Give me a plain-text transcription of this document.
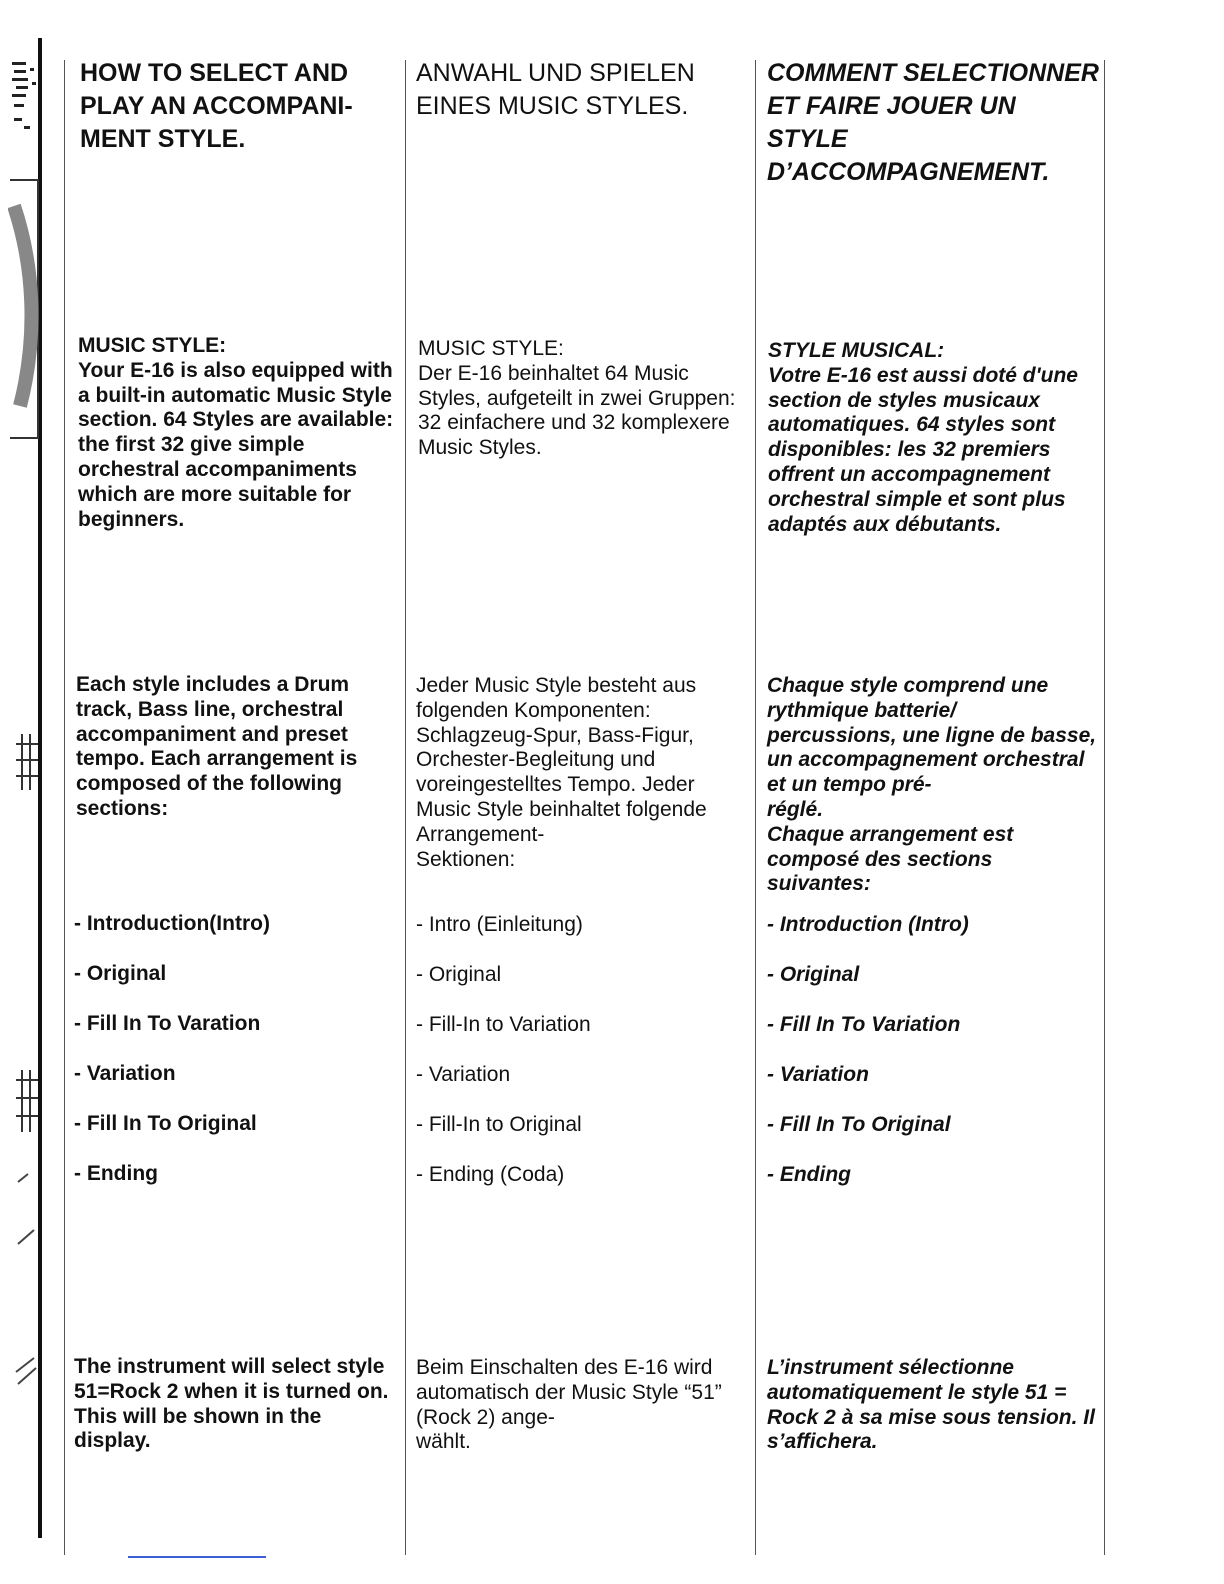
HOW TO SELECT AND PLAY AN ACCOMPANI-
MENT STYLE.
ANWAHL UND SPIELEN EINES MUSIC STYLES.
COMMENT SELECTIONNER ET FAIRE JOUER UN STYLE D’ACCOMPAGNEMENT.
MUSIC STYLE:
Your E-16 is also equipped with a built-in automatic Music Style section. 64 Styles are available: the first 32 give simple orchestral accompaniments which are more suitable for beginners.
MUSIC STYLE:
Der E-16 beinhaltet 64 Music Styles, aufgeteilt in zwei Gruppen: 32 einfachere und 32 komplexere Music Styles.
STYLE MUSICAL:
Votre E-16 est aussi doté d'une section de styles musicaux automatiques. 64 styles sont disponibles: les 32 premiers offrent un accompagnement orchestral simple et sont plus adaptés aux débutants.
Each style includes a Drum track, Bass line, orchestral accompaniment and preset tempo. Each arrangement is composed of the following sections:
Jeder Music Style besteht aus folgenden Komponenten: Schlagzeug-Spur, Bass-Figur, Orchester-Begleitung und voreingestelltes Tempo. Jeder Music Style beinhaltet folgende Arrangement-
Sektionen:
Chaque style comprend une rythmique batterie/
percussions, une ligne de basse, un accompagnement orchestral et un tempo pré-
réglé.
Chaque arrangement est composé des sections suivantes:
- Introduction(Intro)
- Original
- Fill In To Varation
- Variation
- Fill In To Original
- Ending
- Intro (Einleitung)
- Original
- Fill-In to Variation
- Variation
- Fill-In to Original
- Ending (Coda)
- Introduction (Intro)
- Original
- Fill In To Variation
- Variation
- Fill In To Original
- Ending
The instrument will select style 51=Rock 2 when it is turned on. This will be shown in the display.
Beim Einschalten des E-16 wird automatisch der Music Style “51” (Rock 2) ange-
wählt.
L’instrument sélectionne automatiquement le style 51 = Rock 2 à sa mise sous tension. Il s’affichera.
